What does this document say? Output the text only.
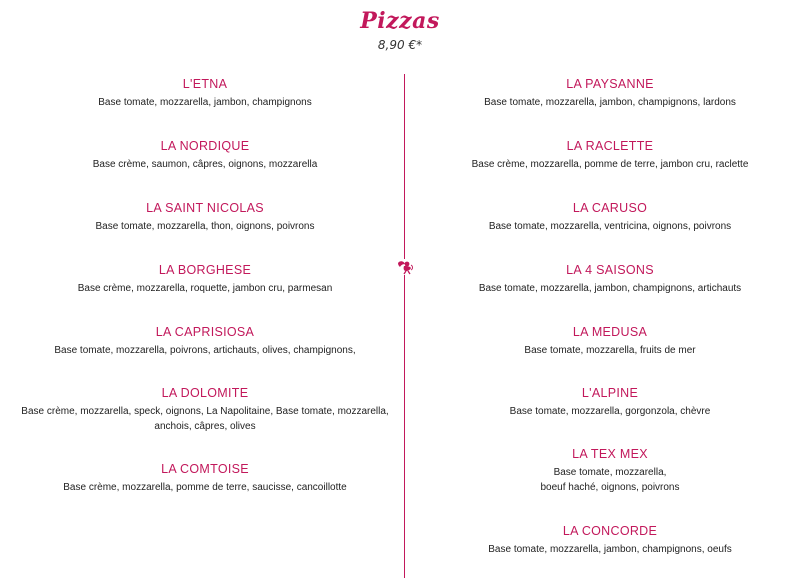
Pizzas
8,90 €*
L'ETNA
Base tomate, mozzarella, jambon, champignons
LA NORDIQUE
Base crème, saumon, câpres, oignons, mozzarella
LA SAINT NICOLAS
Base tomate, mozzarella, thon, oignons, poivrons
LA BORGHESE
Base crème, mozzarella, roquette, jambon cru, parmesan
LA CAPRISIOSA
Base tomate, mozzarella, poivrons, artichauts, olives, champignons,
LA DOLOMITE
Base crème, mozzarella, speck, oignons, La Napolitaine, Base tomate, mozzarella,
anchois, câpres, olives
LA COMTOISE
Base crème, mozzarella, pomme de terre, saucisse, cancoillotte
LA PAYSANNE
Base tomate, mozzarella, jambon, champignons, lardons
LA RACLETTE
Base crème, mozzarella, pomme de terre, jambon cru, raclette
LA CARUSO
Base tomate, mozzarella, ventricina, oignons, poivrons
LA 4 SAISONS
Base tomate, mozzarella, jambon, champignons, artichauts
LA MEDUSA
Base tomate, mozzarella, fruits de mer
L'ALPINE
Base tomate, mozzarella, gorgonzola, chèvre
LA TEX MEX
Base tomate, mozzarella,
boeuf haché, oignons, poivrons
LA CONCORDE
Base tomate, mozzarella, jambon, champignons, oeufs
